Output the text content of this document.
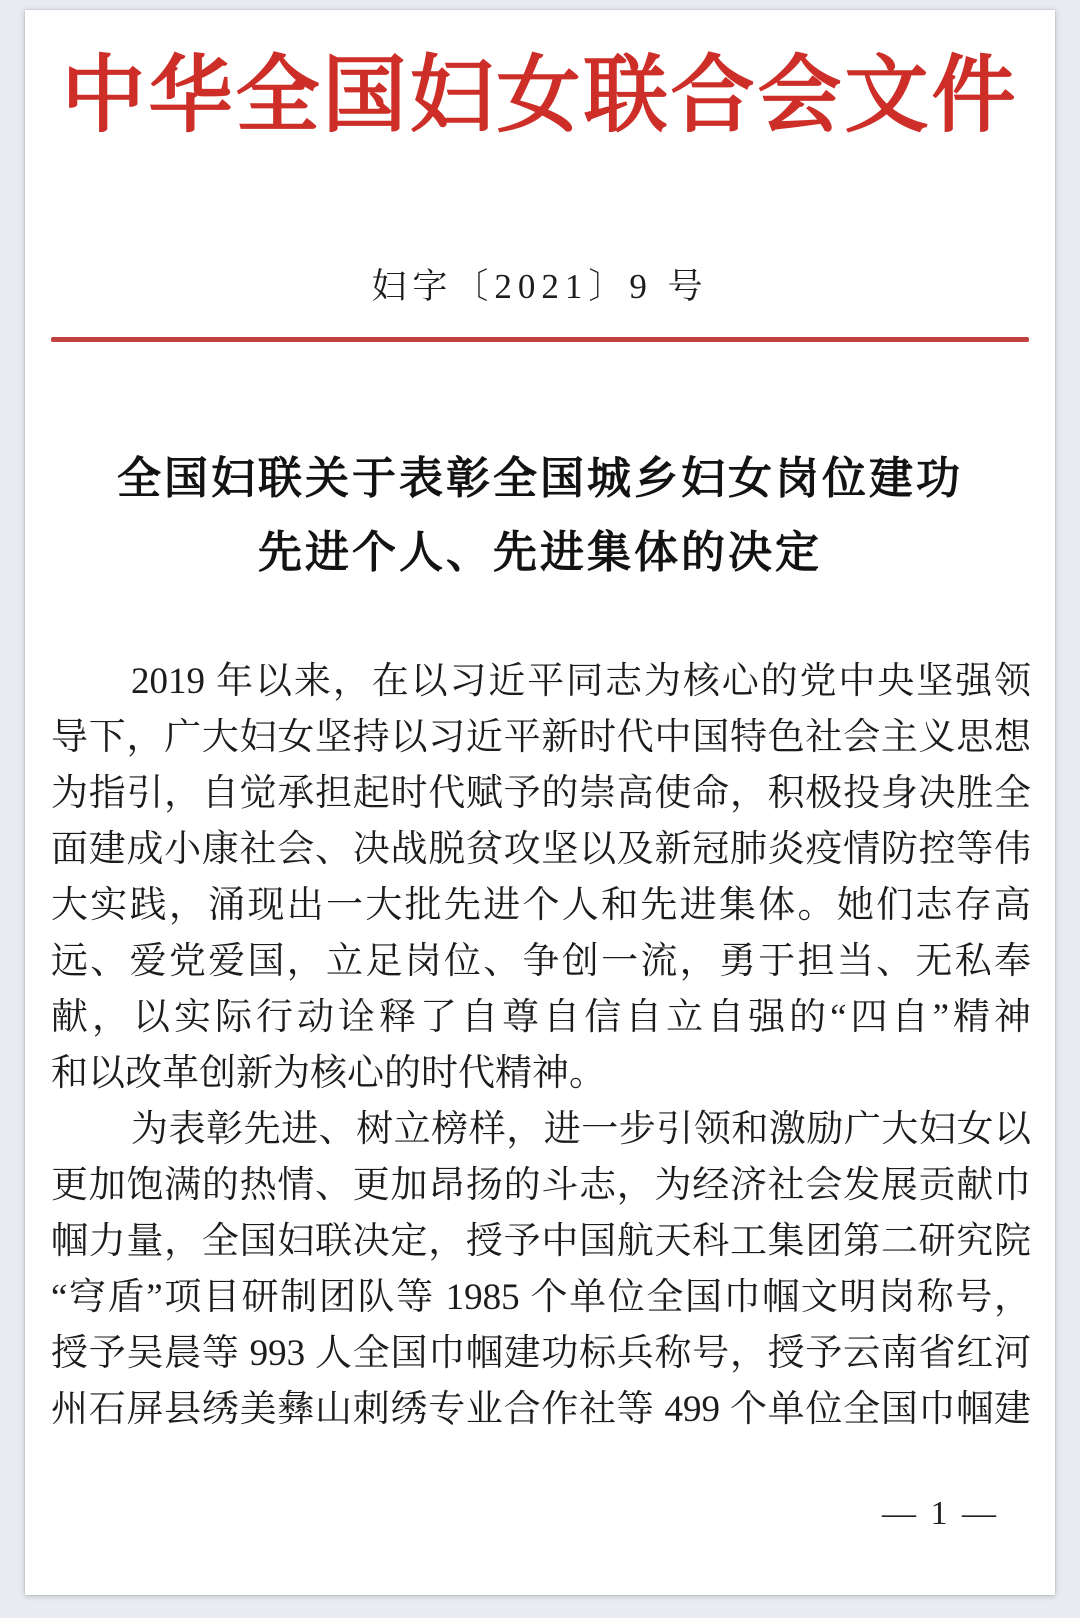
中华全国妇女联合会文件
妇字〔2021〕9 号
全国妇联关于表彰全国城乡妇女岗位建功
先进个人、先进集体的决定
2019 年以来，在以习近平同志为核心的党中央坚强领
导下，广大妇女坚持以习近平新时代中国特色社会主义思想
为指引，自觉承担起时代赋予的崇高使命，积极投身决胜全
面建成小康社会、决战脱贫攻坚以及新冠肺炎疫情防控等伟
大实践，涌现出一大批先进个人和先进集体。她们志存高
远、爱党爱国，立足岗位、争创一流，勇于担当、无私奉
献，以实际行动诠释了自尊自信自立自强的“四自”精神
和以改革创新为核心的时代精神。
为表彰先进、树立榜样，进一步引领和激励广大妇女以
更加饱满的热情、更加昂扬的斗志，为经济社会发展贡献巾
帼力量，全国妇联决定，授予中国航天科工集团第二研究院
“穹盾”项目研制团队等 1985 个单位全国巾帼文明岗称号，
授予吴晨等 993 人全国巾帼建功标兵称号，授予云南省红河
州石屏县绣美彝山刺绣专业合作社等 499 个单位全国巾帼建
— 1 —
